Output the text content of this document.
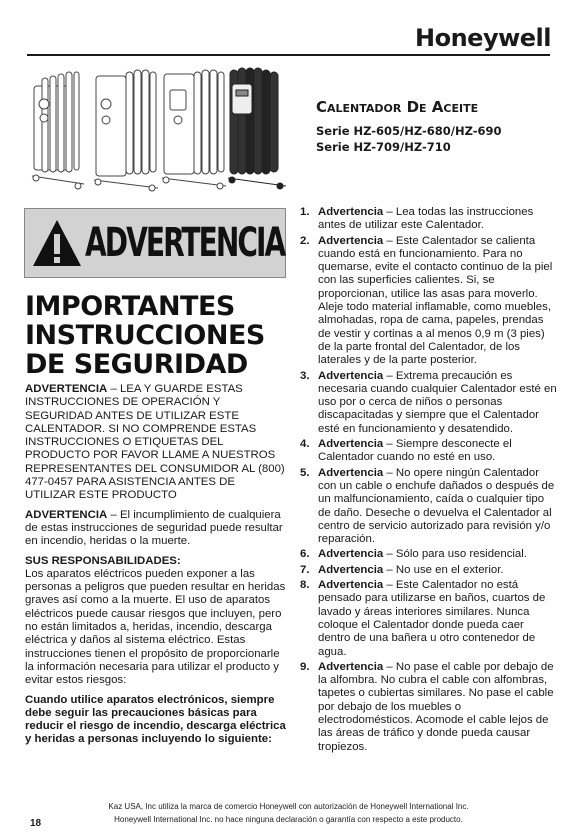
Honeywell
Calentador De Aceite
Serie HZ-605/HZ-680/HZ-690
Serie HZ-709/HZ-710
ADVERTENCIA
IMPORTANTES
INSTRUCCIONES
DE SEGURIDAD

ADVERTENCIA – LEA Y GUARDE ESTAS INSTRUCCIONES DE OPERACIÓN Y SEGURIDAD ANTES DE UTILIZAR ESTE CALENTADOR. SI NO COMPRENDE ESTAS INSTRUCCIONES O ETIQUETAS DEL PRODUCTO POR FAVOR LLAME A NUESTROS REPRESENTANTES DEL CONSUMIDOR AL (800) 477-0457 PARA ASISTENCIA ANTES DE UTILIZAR ESTE PRODUCTO

ADVERTENCIA – El incumplimiento de cualquiera de estas instrucciones de seguridad puede resultar en incendio, heridas o la muerte.

SUS RESPONSABILIDADES:

Los aparatos eléctricos pueden exponer a las personas a peligros que pueden resultar en heridas graves así como a la muerte. El uso de aparatos eléctricos puede causar riesgos que incluyen, pero no están limitados a, heridas, incendio, descarga eléctrica y daños al sistema eléctrico. Estas instrucciones tienen el propósito de proporcionarle la información necesaria para utilizar el producto y evitar estos riesgos:

Cuando utilice aparatos electrónicos, siempre debe seguir las precauciones básicas para reducir el riesgo de incendio, descarga eléctrica y heridas a personas incluyendo lo siguiente:

1. Advertencia – Lea todas las instrucciones antes de utilizar este Calentador.
2. Advertencia – Este Calentador se calienta cuando está en funcionamiento. Para no quemarse, evite el contacto continuo de la piel con las superficies calientes. Si, se proporcionan, utilice las asas para moverlo. Aleje todo material inflamable, como muebles, almohadas, ropa de cama, papeles, prendas de vestir y cortinas a al menos 0,9 m (3 pies) de la parte frontal del Calentador, de los laterales y de la parte posterior.
3. Advertencia – Extrema precaución es necesaria cuando cualquier Calentador esté en uso por o cerca de niños o personas discapacitadas y siempre que el Calentador esté en funcionamiento y desatendido.
4. Advertencia – Siempre desconecte el Calentador cuando no esté en uso.
5. Advertencia – No opere ningún Calentador con un cable o enchufe dañados o después de un malfuncionamiento, caída o cualquier tipo de daño. Deseche o devuelva el Calentador al centro de servicio autorizado para revisión y/o reparación.
6. Advertencia – Sólo para uso residencial.
7. Advertencia – No use en el exterior.
8. Advertencia – Este Calentador no está pensado para utilizarse en baños, cuartos de lavado y áreas interiores similares. Nunca coloque el Calentador donde pueda caer dentro de una bañera u otro contenedor de agua.
9. Advertencia – No pase el cable por debajo de la alfombra. No cubra el cable con alfombras, tapetes o cubiertas similares. No pase el cable por debajo de los muebles o electrodomésticos. Acomode el cable lejos de las áreas de tráfico y donde pueda causar tropiezos.
Kaz USA, Inc utiliza la marca de comercio Honeywell con autorización de Honeywell International Inc.
Honeywell International Inc. no hace ninguna declaración o garantía con respecto a este producto.
18
